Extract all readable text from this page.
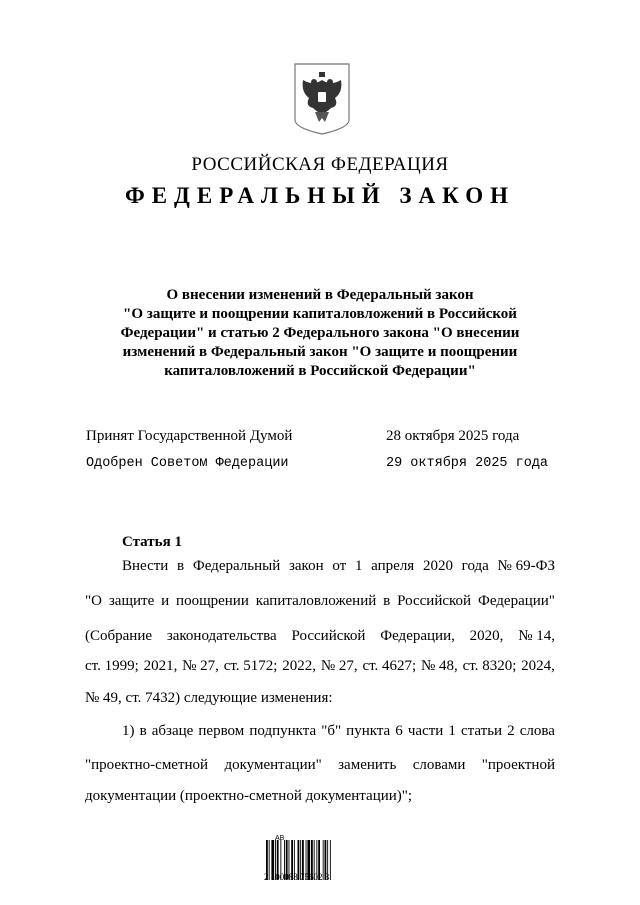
РОССИЙСКАЯ ФЕДЕРАЦИЯ
ФЕДЕРАЛЬНЫЙ ЗАКОН
О внесении изменений в Федеральный закон
"О защите и поощрении капиталовложений в Российской
Федерации" и статью 2 Федерального закона "О внесении
изменений в Федеральный закон "О защите и поощрении
капиталовложений в Российской Федерации"
Принят Государственной Думой	28 октября 2025 года
Одобрен Советом Федерации	29 октября 2025 года
Статья 1
Внести в Федеральный закон от 1 апреля 2020 года № 69-ФЗ
"О защите и поощрении капиталовложений в Российской Федерации"
(Собрание законодательства Российской Федерации, 2020, № 14,
ст. 1999; 2021, № 27, ст. 5172; 2022, № 27, ст. 4627; № 48, ст. 8320; 2024,
№ 49, ст. 7432) следующие изменения:
1) в абзаце первом подпункта "б" пункта 6 части 1 статьи 2 слова
"проектно-сметной документации" заменить словами "проектной
документации (проектно-сметной документации)";
АВ
2 100088 75602 3
